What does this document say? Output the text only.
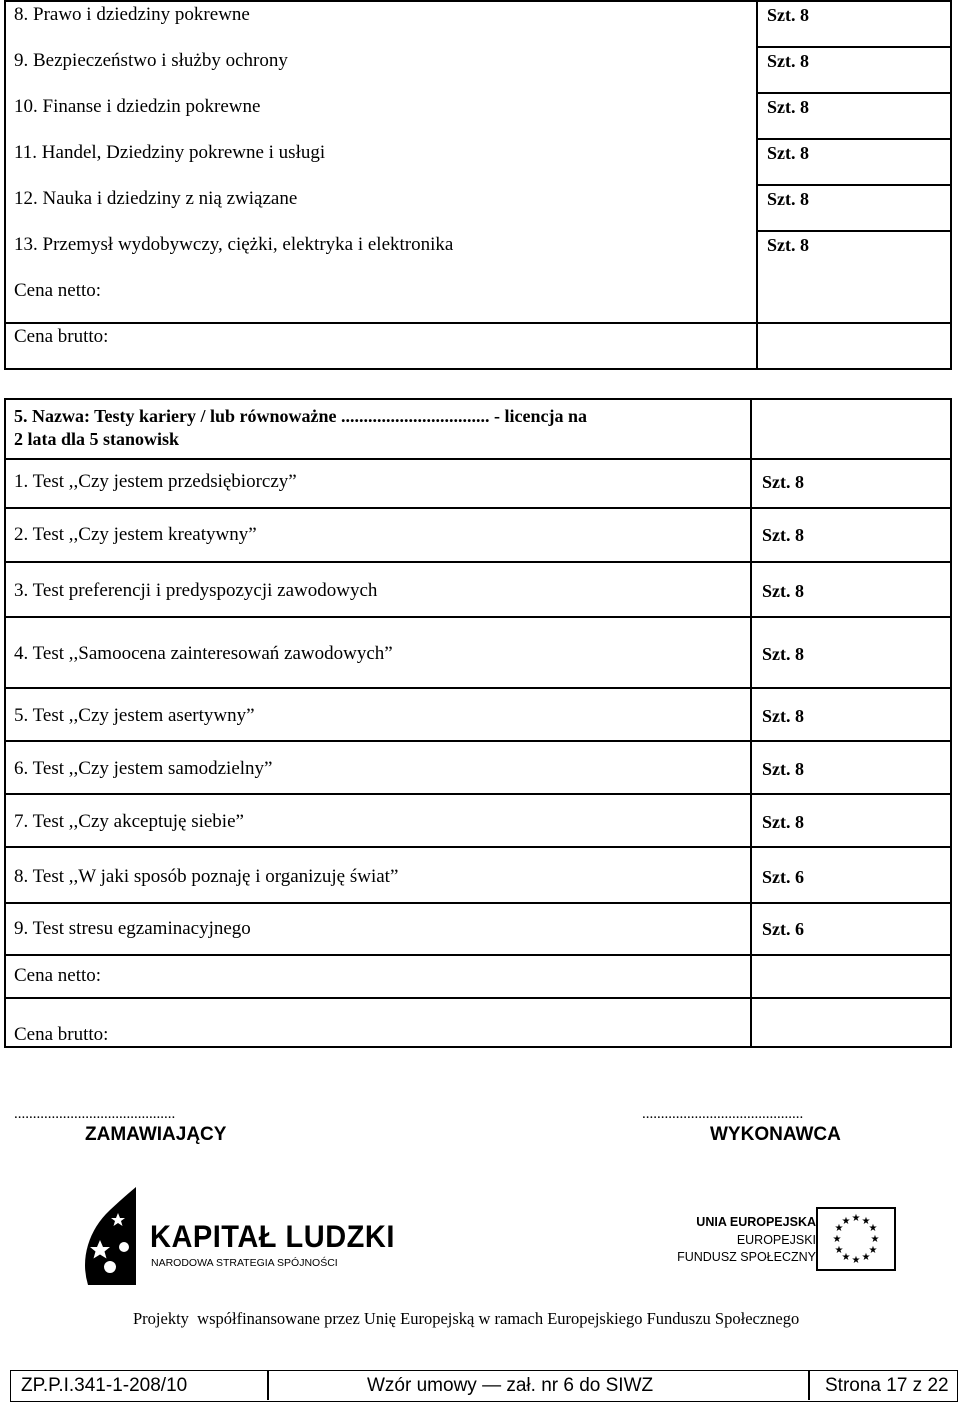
8. Prawo i dziedziny pokrewne	Szt. 8
9. Bezpieczeństwo i służby ochrony	Szt. 8
10. Finanse i dziedzin pokrewne	Szt. 8
11. Handel, Dziedziny pokrewne i usługi	Szt. 8
12. Nauka i dziedziny z nią związane	Szt. 8
13. Przemysł wydobywczy, ciężki, elektryka i elektronika	Szt. 8
Cena netto:
Cena brutto:
5. Nazwa: Testy kariery / lub równoważne ................................. - licencja na
2 lata dla 5 stanowisk
1. Test ,,Czy jestem przedsiębiorczy”	Szt. 8
2. Test ,,Czy jestem kreatywny”	Szt. 8
3. Test preferencji i predyspozycji zawodowych	Szt. 8
4. Test ,,Samoocena zainteresowań zawodowych”	Szt. 8
5. Test ,,Czy jestem asertywny”	Szt. 8
6. Test ,,Czy jestem samodzielny”	Szt. 8
7. Test ,,Czy akceptuję siebie”	Szt. 8
8. Test ,,W jaki sposób poznaję i organizuję świat”	Szt. 6
9. Test stresu egzaminacyjnego	Szt. 6
Cena netto:
Cena brutto:
...........................................
ZAMAWIAJĄCY
...........................................
WYKONAWCA
KAPITAŁ LUDZKI
NARODOWA STRATEGIA SPÓJNOŚCI
UNIA EUROPEJSKA
EUROPEJSKI
FUNDUSZ SPOŁECZNY
★ ★
★
★
★
★
★
★
★
★
★
★
Projekty  współfinansowane przez Unię Europejską w ramach Europejskiego Funduszu Społecznego
ZP.P.I.341-1-208/10	Wzór umowy — zał. nr 6 do SIWZ	Strona 17 z 22
